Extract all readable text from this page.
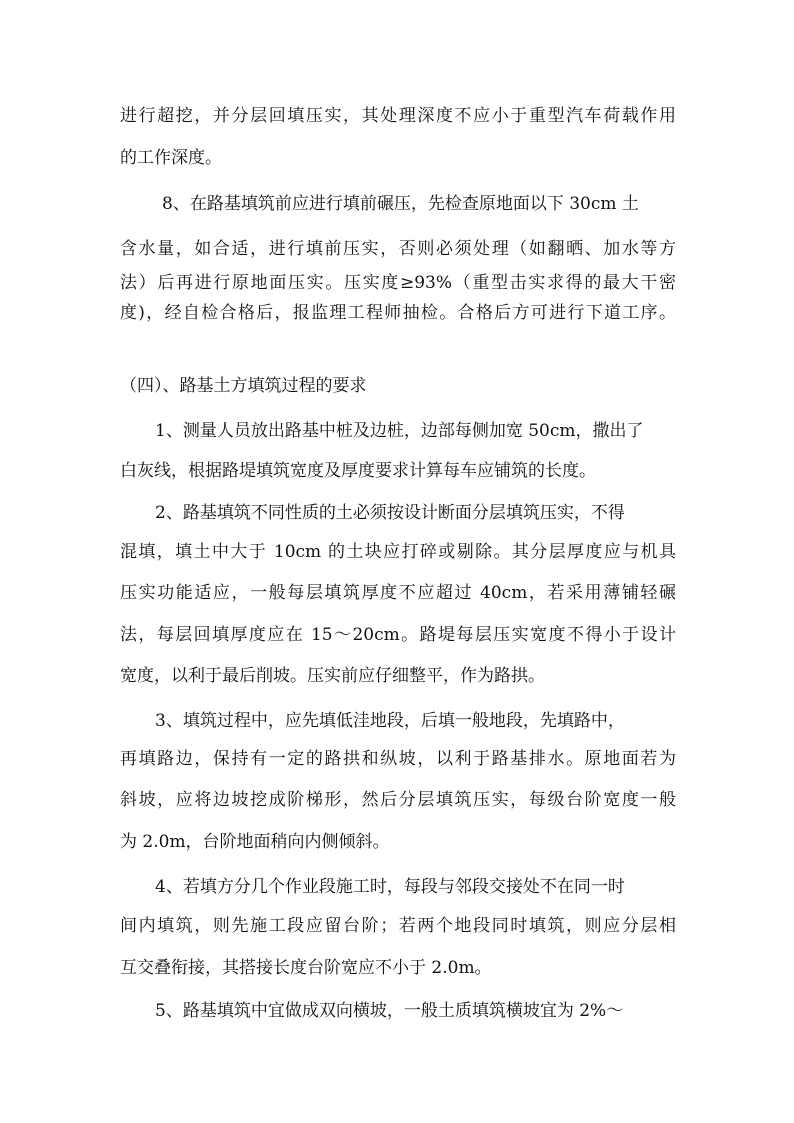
进行超挖，并分层回填压实，其处理深度不应小于重型汽车荷载作用
的工作深度。
8、在路基填筑前应进行填前碾压，先检查原地面以下 30cm 土
含水量，如合适，进行填前压实，否则必须处理（如翻晒、加水等方
法）后再进行原地面压实。压实度≥93%（重型击实求得的最大干密
度)，经自检合格后，报监理工程师抽检。合格后方可进行下道工序。
（四）、路基土方填筑过程的要求
1、测量人员放出路基中桩及边桩，边部每侧加宽 50cm，撒出了
白灰线，根据路堤填筑宽度及厚度要求计算每车应铺筑的长度。
2、路基填筑不同性质的土必须按设计断面分层填筑压实，不得
混填，填土中大于 10cm 的土块应打碎或剔除。其分层厚度应与机具
压实功能适应，一般每层填筑厚度不应超过 40cm，若采用薄铺轻碾
法，每层回填厚度应在 15～20cm。路堤每层压实宽度不得小于设计
宽度，以利于最后削坡。压实前应仔细整平，作为路拱。
3、填筑过程中，应先填低洼地段，后填一般地段，先填路中，
再填路边，保持有一定的路拱和纵坡，以利于路基排水。原地面若为
斜坡，应将边坡挖成阶梯形，然后分层填筑压实，每级台阶宽度一般
为 2.0m，台阶地面稍向内侧倾斜。
4、若填方分几个作业段施工时，每段与邻段交接处不在同一时
间内填筑，则先施工段应留台阶；若两个地段同时填筑，则应分层相
互交叠衔接，其搭接长度台阶宽应不小于 2.0m。
5、路基填筑中宜做成双向横坡，一般土质填筑横坡宜为 2%～
